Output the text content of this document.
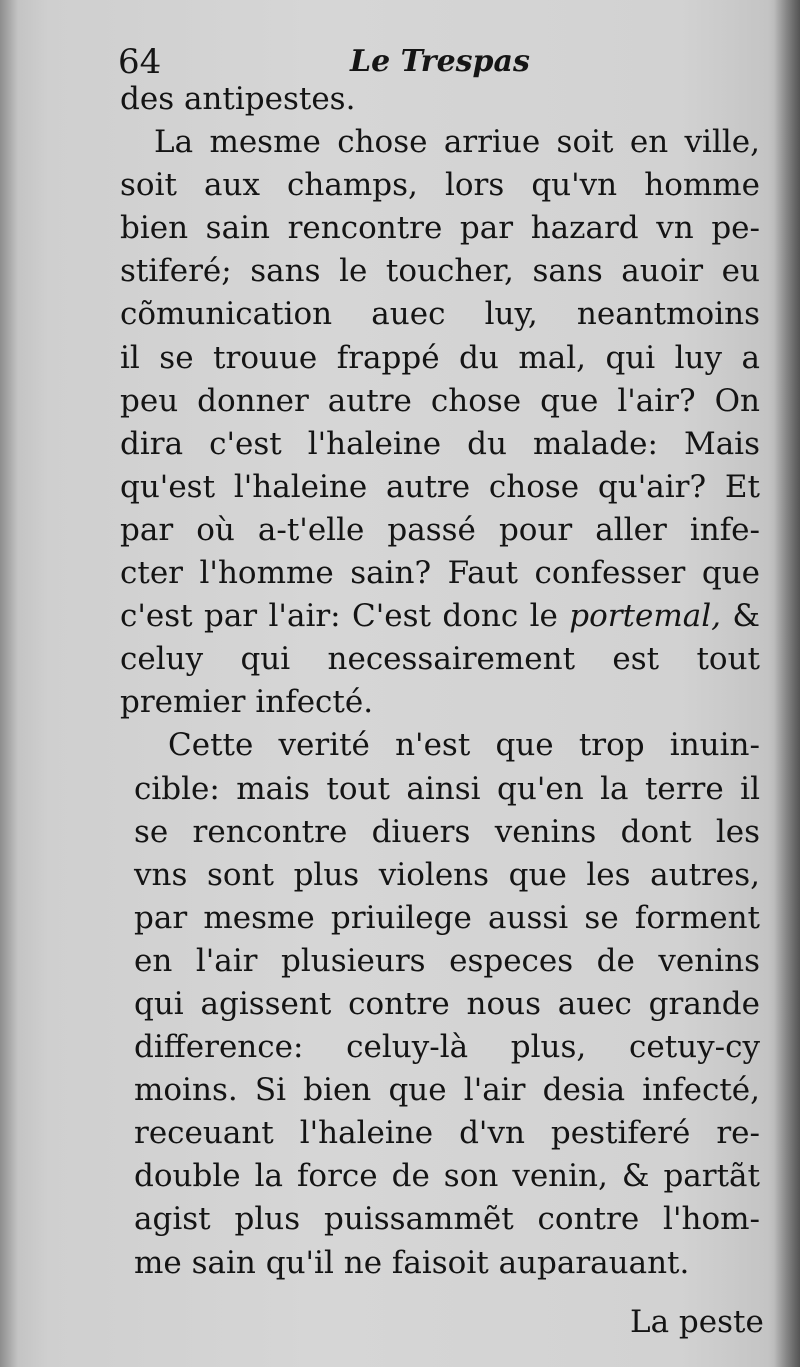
64	Le Trespas
des antipestes.
La mesme chose arriue soit en ville,
soit aux champs, lors qu'vn homme
bien sain rencontre par hazard vn pe-
stiferé; sans le toucher, sans auoir eu
cõmunication auec luy, neantmoins
il se trouue frappé du mal, qui luy a
peu donner autre chose que l'air? On
dira c'est l'haleine du malade: Mais
qu'est l'haleine autre chose qu'air? Et
par où a-t'elle passé pour aller infe-
cter l'homme sain? Faut confesser que
c'est par l'air: C'est donc le portemal, &
celuy qui necessairement est tout
premier infecté.
Cette verité n'est que trop inuin-
cible: mais tout ainsi qu'en la terre il
se rencontre diuers venins dont les
vns sont plus violens que les autres,
par mesme priuilege aussi se forment
en l'air plusieurs especes de venins
qui agissent contre nous auec grande
difference: celuy-là plus, cetuy-cy
moins. Si bien que l'air desia infecté,
receuant l'haleine d'vn pestiferé re-
double la force de son venin, & partãt
agist plus puissammẽt contre l'hom-
me sain qu'il ne faisoit auparauant.
La peste
